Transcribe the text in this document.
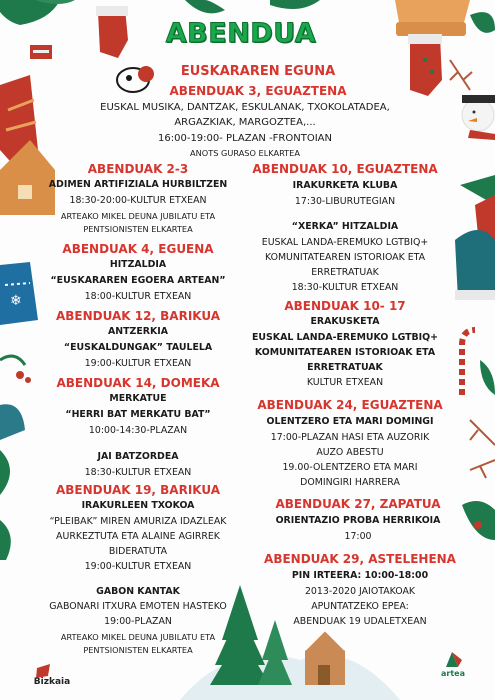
❄
ABENDUA
EUSKARAREN EGUNA
ABENDUAK 3, EGUAZTENA
EUSKAL MUSIKA, DANTZAK, ESKULANAK, TXOKOLATADEA,
ARGAZKIAK, MARGOZTEA,...
16:00-19:00- PLAZAN -FRONTOIAN
ANOTS GURASO ELKARTEA
ABENDUAK 2-3
ADIMEN ARTIFIZIALA HURBILTZEN
18:30-20:00-KULTUR ETXEAN
ARTEAKO MIKEL DEUNA JUBILATU ETA
PENTSIONISTEN ELKARTEA
ABENDUAK 4, EGUENA
HITZALDIA
“EUSKARAREN EGOERA ARTEAN”
18:00-KULTUR ETXEAN
ABENDUAK 12, BARIKUA
ANTZERKIA
“EUSKALDUNGAK” TAULELA
19:00-KULTUR ETXEAN
ABENDUAK 14, DOMEKA
MERKATUE
“HERRI BAT MERKATU BAT”
10:00-14:30-PLAZAN
JAI BATZORDEA
18:30-KULTUR ETXEAN
ABENDUAK 19, BARIKUA
IRAKURLEEN TXOKOA
“PLEIBAK” MIREN AMURIZA IDAZLEAK
AURKEZTUTA ETA ALAINE AGIRREK
BIDERATUTA
19:00-KULTUR ETXEAN
GABON KANTAK
GABONARI ITXURA EMOTEN HASTEKO
19:00-PLAZAN
ARTEAKO MIKEL DEUNA JUBILATU ETA
PENTSIONISTEN ELKARTEA
ABENDUAK 10, EGUAZTENA
IRAKURKETA KLUBA
17:30-LIBURUTEGIAN
“XERKA” HITZALDIA
EUSKAL LANDA-EREMUKO LGTBIQ+
KOMUNITATEAREN ISTORIOAK ETA
ERRETRATUAK
18:30-KULTUR ETXEAN
ABENDUAK 10- 17
ERAKUSKETA
EUSKAL LANDA-EREMUKO LGTBIQ+
KOMUNITATEAREN ISTORIOAK ETA
ERRETRATUAK
KULTUR ETXEAN
ABENDUAK 24, EGUAZTENA
OLENTZERO ETA MARI DOMINGI
17:00-PLAZAN HASI ETA AUZORIK
AUZO ABESTU
19.00-OLENTZERO ETA MARI
DOMINGIRI HARRERA
ABENDUAK 27, ZAPATUA
ORIENTAZIO PROBA HERRIKOIA
17:00
ABENDUAK 29, ASTELEHENA
PIN IRTEERA: 10:00-18:00
2013-2020 JAIOTAKOAK
APUNTATZEKO EPEA:
ABENDUAK 19 UDALETXEAN
Bizkaia
artea
